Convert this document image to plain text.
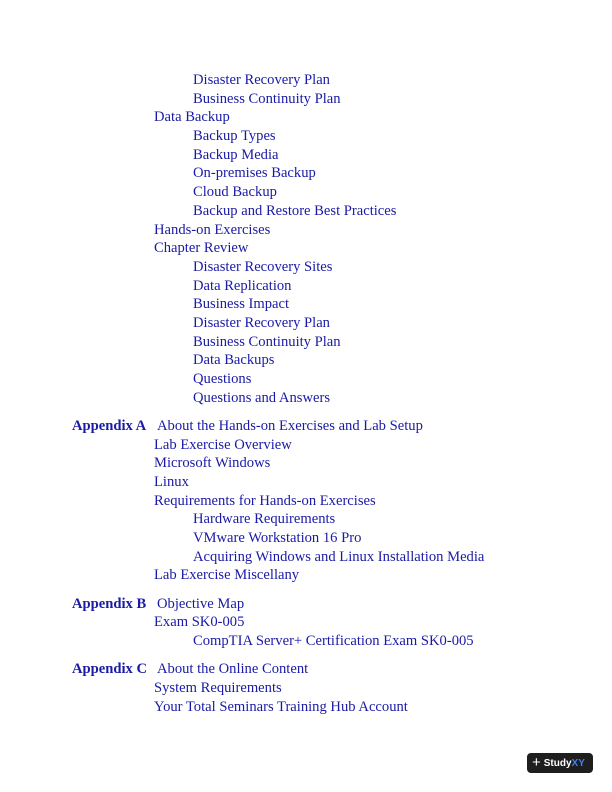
Disaster Recovery Plan
Business Continuity Plan
Data Backup
Backup Types
Backup Media
On-premises Backup
Cloud Backup
Backup and Restore Best Practices
Hands-on Exercises
Chapter Review
Disaster Recovery Sites
Data Replication
Business Impact
Disaster Recovery Plan
Business Continuity Plan
Data Backups
Questions
Questions and Answers
Appendix A About the Hands-on Exercises and Lab Setup
Lab Exercise Overview
Microsoft Windows
Linux
Requirements for Hands-on Exercises
Hardware Requirements
VMware Workstation 16 Pro
Acquiring Windows and Linux Installation Media
Lab Exercise Miscellany
Appendix B Objective Map
Exam SK0-005
CompTIA Server+ Certification Exam SK0-005
Appendix C About the Online Content
System Requirements
Your Total Seminars Training Hub Account
+ Study XY
